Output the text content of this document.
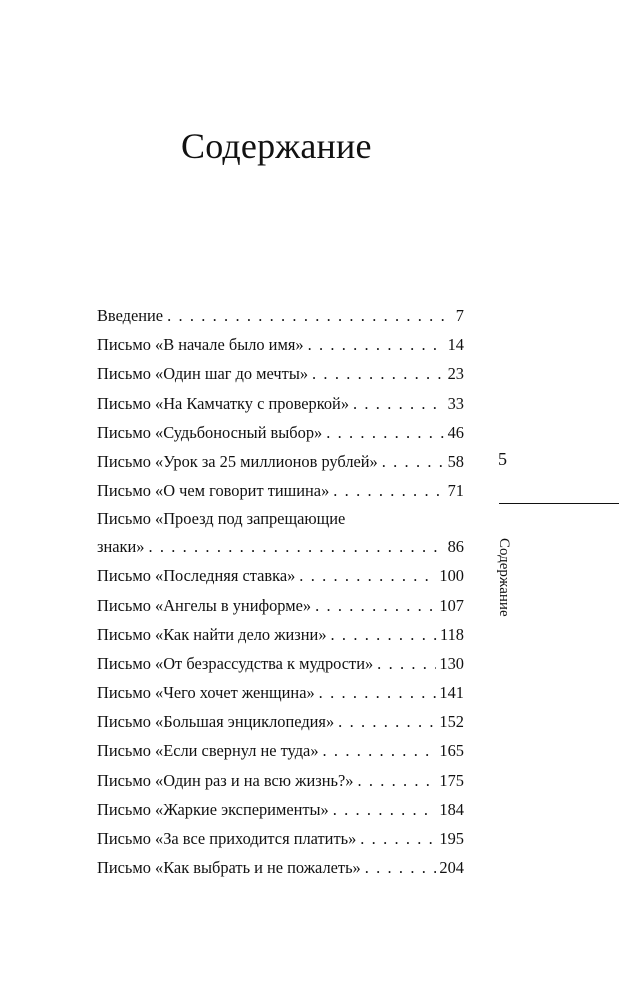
Содержание
Введение . . .	7
Письмо «В начале было имя» . . .	14
Письмо «Один шаг до мечты» . . .	23
Письмо «На Камчатку с проверкой» . . .	33
Письмо «Судьбоносный выбор» . . .	46
Письмо «Урок за 25 миллионов рублей» . . .	58
Письмо «О чем говорит тишина» . . .	71
Письмо «Проезд под запрещающие
знаки» . . .	86
Письмо «Последняя ставка» . . .	100
Письмо «Ангелы в униформе» . . .	107
Письмо «Как найти дело жизни» . . .	118
Письмо «От безрассудства к мудрости» . . .	130
Письмо «Чего хочет женщина» . . .	141
Письмо «Большая энциклопедия» . . .	152
Письмо «Если свернул не туда» . . .	165
Письмо «Один раз и на всю жизнь?» . . .	175
Письмо «Жаркие эксперименты» . . .	184
Письмо «За все приходится платить» . . .	195
Письмо «Как выбрать и не пожалеть» . . .	204
5
Содержание
